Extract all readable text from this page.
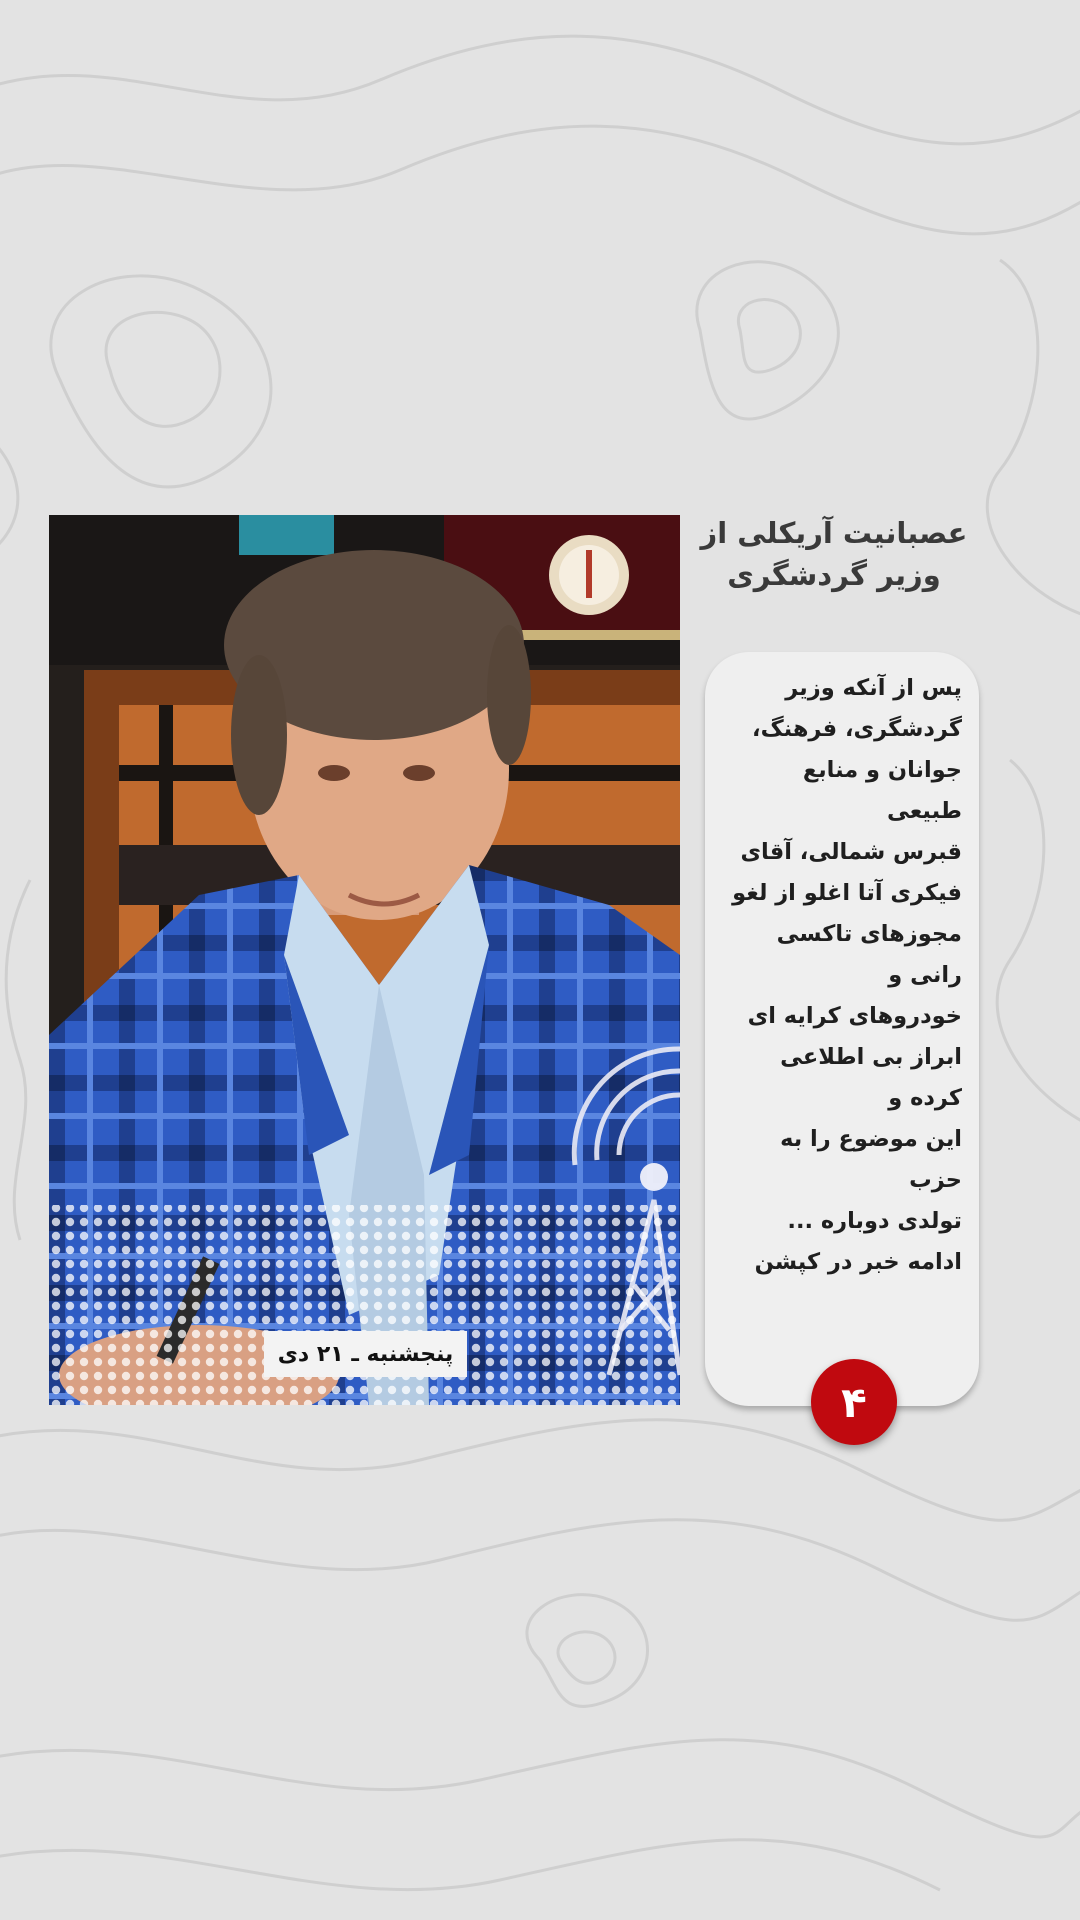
پنجشنبه ـ ۲۱ دی
عصبانیت آریکلی از وزیر گردشگری

پس از آنکه وزیر
گردشگری، فرهنگ،
جوانان و منابع طبیعی
قبرس شمالی، آقای
فیکری آتا اغلو از لغو
مجوزهای تاکسی رانی و
خودروهای کرایه ای
ابراز بی اطلاعی کرده و
این موضوع را به حزب
تولدی دوباره ...
ادامه خبر در کپشن

۴
